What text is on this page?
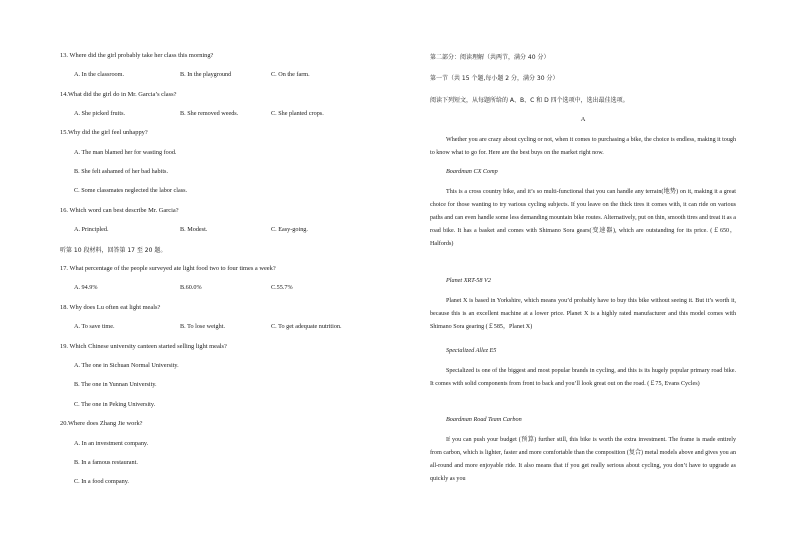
13. Where did the girl probably take her class this morning?
A. In the classroom.	B. In the playground	C. On the farm.
14.What did the girl do in Mr. Garcia’s class?
A. She picked fruits.	B. She removed weeds.	C. She planted crops.
15.Why did the girl feel unhappy?
A. The man blamed her for wasting food.
B. She felt ashamed of her bad habits.
C. Some classmates neglected the labor class.
16. Which word can best describe Mr. Garcia?
A. Principled.	B. Modest.	C. Easy-going.
听第 10 段材料，回答第 17 至 20 题。
17. What percentage of the people surveyed ate light food two to four times a week?
A. 94.9%	B.60.0%	C.55.7%
18. Why does Lu often eat light meals?
A. To save time.	B. To lose weight.	C. To get adequate nutrition.
19. Which Chinese university canteen started selling light meals?
A. The one in Sichuan Normal University.
B. The one in Yunnan University.
C. The one in Peking University.
20.Where does Zhang Jie work?
A. In an investment company.
B. In a famous restaurant.
C. In a food company.
第二部分：阅读理解（共两节，满分 40 分）
第一节（共 15 个题,每小题 2 分，满分 30 分）
阅读下列短文，从每题所给的 A、B、C 和 D 四个选项中，选出最佳选项。
A
Whether you are crazy about cycling or not, when it comes to purchasing a bike, the choice is endless, making it tough to know what to go for. Here are the best buys on the market right now.
Boardman CX Comp
This is a cross country bike, and it’s so multi-functional that you can handle any terrain(地势) on it, making it a great choice for those wanting to try various cycling subjects. If you leave on the thick tires it comes with, it can ride on various paths and can even handle some less demanding mountain bike routes. Alternatively, put on thin, smooth tires and treat it as a road bike. It has a basket and comes with Shimano Sora gears(变速器), which are outstanding for its price. (￡650，Halfords)
Planet XRT-58 V2
Planet X is based in Yorkshire, which means you’d probably have to buy this bike without seeing it. But it’s worth it, because this is an excellent machine at a lower price. Planet X is a highly rated manufacturer and this model comes with Shimano Sora gearing (￡585，Planet X)
Specialized Allez E5
Specialized is one of the biggest and most popular brands in cycling, and this is its hugely popular primary road bike. It comes with solid components from front to back and you’ll look great out on the road. (￡75, Evans Cycles)
Boardman Road Team Carbon
If you can push your budget (预算) further still, this bike is worth the extra investment. The frame is made entirely from carbon, which is lighter, faster and more comfortable than the composition (复合) metal models above and gives you an all-round and more enjoyable ride. It also means that if you get really serious about cycling, you don’t have to upgrade as quickly as you
